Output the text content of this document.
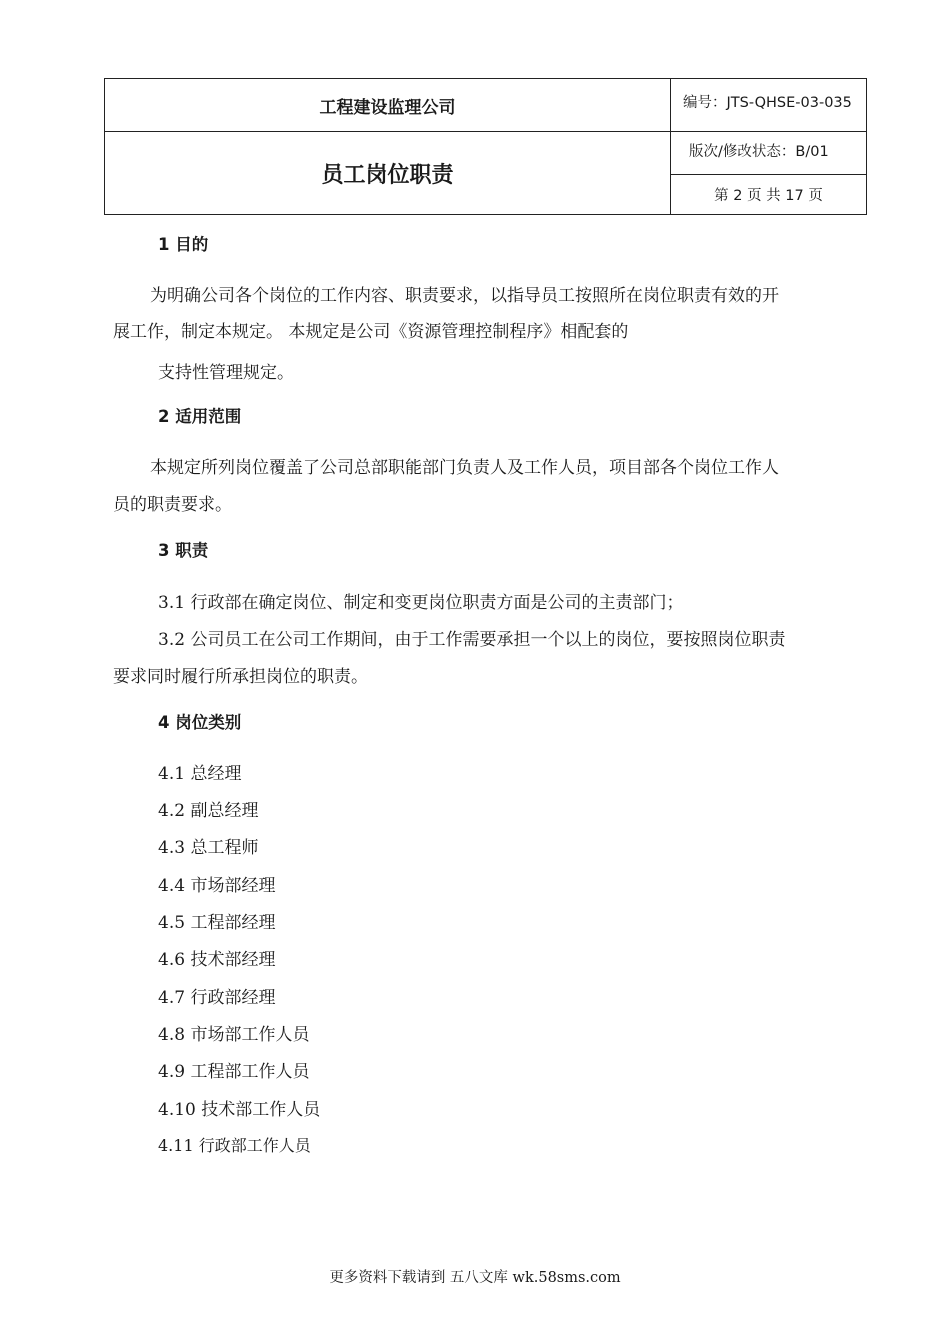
工程建设监理公司
员工岗位职责
编号：JTS-QHSE-03-035
版次/修改状态：B/01
第 2 页 共 17 页
1 目的
为明确公司各个岗位的工作内容、职责要求，以指导员工按照所在岗位职责有效的开
展工作，制定本规定。 本规定是公司《资源管理控制程序》相配套的
支持性管理规定。
2 适用范围
本规定所列岗位覆盖了公司总部职能部门负责人及工作人员，项目部各个岗位工作人
员的职责要求。
3 职责
3.1 行政部在确定岗位、制定和变更岗位职责方面是公司的主责部门；
3.2 公司员工在公司工作期间，由于工作需要承担一个以上的岗位，要按照岗位职责
要求同时履行所承担岗位的职责。
4 岗位类别
4.1 总经理
4.2 副总经理
4.3 总工程师
4.4 市场部经理
4.5 工程部经理
4.6 技术部经理
4.7 行政部经理
4.8 市场部工作人员
4.9 工程部工作人员
4.10 技术部工作人员
4.11 行政部工作人员
更多资料下载请到 五八文库 wk.58sms.com
